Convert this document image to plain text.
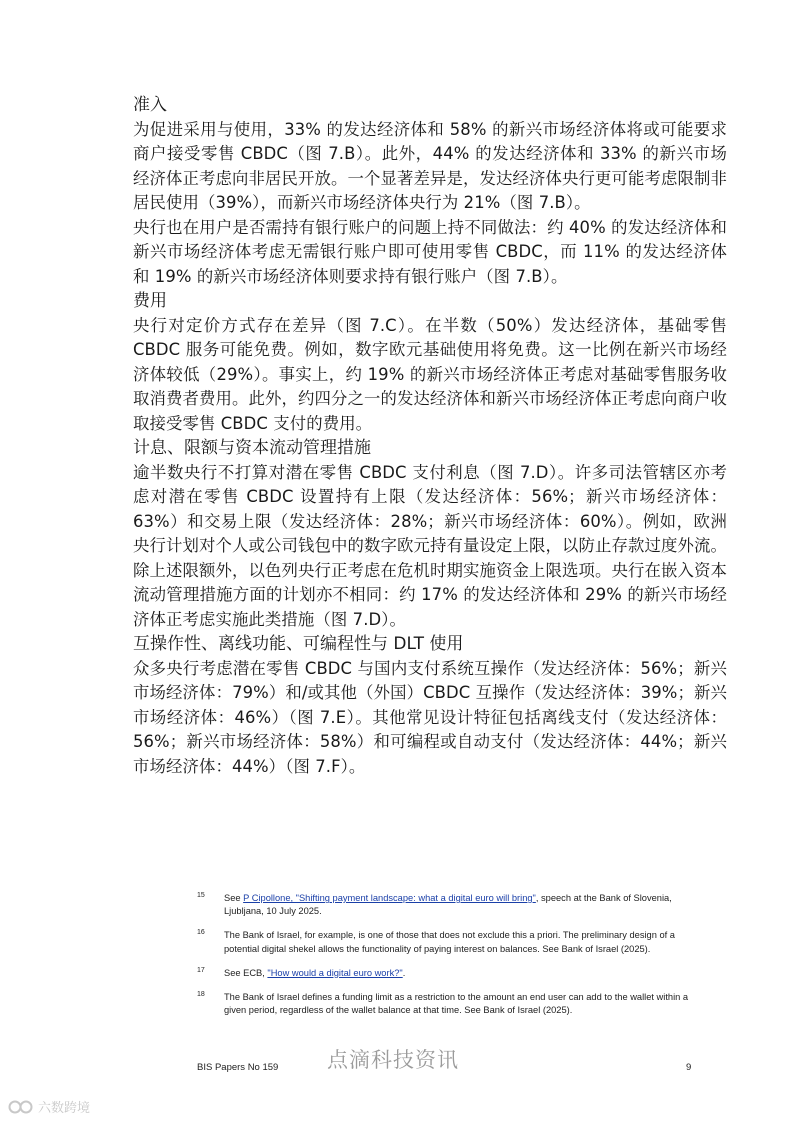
准入

为促进采用与使用，33% 的发达经济体和 58% 的新兴市场经济体将或可能要求商户接受零售 CBDC（图 7.B）。此外，44% 的发达经济体和 33% 的新兴市场经济体正考虑向非居民开放。一个显著差异是，发达经济体央行更可能考虑限制非居民使用（39%），而新兴市场经济体央行为 21%（图 7.B）。

央行也在用户是否需持有银行账户的问题上持不同做法：约 40% 的发达经济体和新兴市场经济体考虑无需银行账户即可使用零售 CBDC，而 11% 的发达经济体和 19% 的新兴市场经济体则要求持有银行账户（图 7.B）。

费用

央行对定价方式存在差异（图 7.C）。在半数（50%）发达经济体，基础零售 CBDC 服务可能免费。例如，数字欧元基础使用将免费。这一比例在新兴市场经济体较低（29%）。事实上，约 19% 的新兴市场经济体正考虑对基础零售服务收取消费者费用。此外，约四分之一的发达经济体和新兴市场经济体正考虑向商户收取接受零售 CBDC 支付的费用。

计息、限额与资本流动管理措施

逾半数央行不打算对潜在零售 CBDC 支付利息（图 7.D）。许多司法管辖区亦考虑对潜在零售 CBDC 设置持有上限（发达经济体：56%；新兴市场经济体：63%）和交易上限（发达经济体：28%；新兴市场经济体：60%）。例如，欧洲央行计划对个人或公司钱包中的数字欧元持有量设定上限，以防止存款过度外流。除上述限额外，以色列央行正考虑在危机时期实施资金上限选项。央行在嵌入资本流动管理措施方面的计划亦不相同：约 17% 的发达经济体和 29% 的新兴市场经济体正考虑实施此类措施（图 7.D）。

互操作性、离线功能、可编程性与 DLT 使用

众多央行考虑潜在零售 CBDC 与国内支付系统互操作（发达经济体：56%；新兴市场经济体：79%）和/或其他（外国）CBDC 互操作（发达经济体：39%；新兴市场经济体：46%）（图 7.E）。其他常见设计特征包括离线支付（发达经济体：56%；新兴市场经济体：58%）和可编程或自动支付（发达经济体：44%；新兴市场经济体：44%）（图 7.F）。

15 See P Cipollone, "Shifting payment landscape: what a digital euro will bring", speech at the Bank of Slovenia, Ljubljana, 10 July 2025.
16 The Bank of Israel, for example, is one of those that does not exclude this a priori. The preliminary design of a potential digital shekel allows the functionality of paying interest on balances. See Bank of Israel (2025).
17 See ECB, "How would a digital euro work?".
18 The Bank of Israel defines a funding limit as a restriction to the amount an end user can add to the wallet within a given period, regardless of the wallet balance at that time. See Bank of Israel (2025).
点滴科技资讯
BIS Papers No 159	9
六数跨境
